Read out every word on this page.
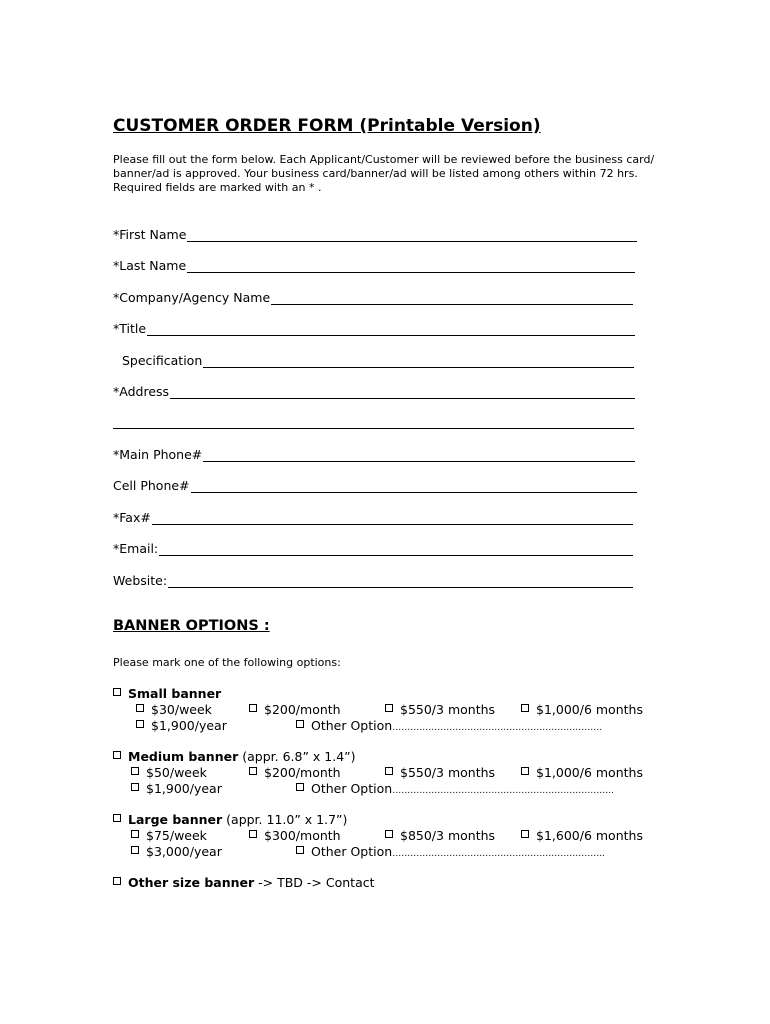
CUSTOMER ORDER FORM (Printable Version)

Please fill out the form below. Each Applicant/Customer will be reviewed before the business card/ banner/ad is approved. Your business card/banner/ad will be listed among others within 72 hrs.

Required fields are marked with an * .

*First Name
*Last Name
*Company/Agency Name
*Title
Specification
*Address
*Main Phone#
Cell Phone#
*Fax#
*Email:
Website:
BANNER OPTIONS :
Please mark one of the following options:
Small banner
$30/week	$200/month	$550/3 months	$1,000/6 months
$1,900/year	Other Option…………………………………………………………….
Medium banner (appr. 6.8” x 1.4”)
$50/week	$200/month	$550/3 months	$1,000/6 months
$1,900/year	Other Option………………………………………………………………..
Large banner (appr. 11.0” x 1.7”)
$75/week	$300/month	$850/3 months	$1,600/6 months
$3,000/year	Other Option……………………………………………………………..
Other size banner -> TBD -> Contact
